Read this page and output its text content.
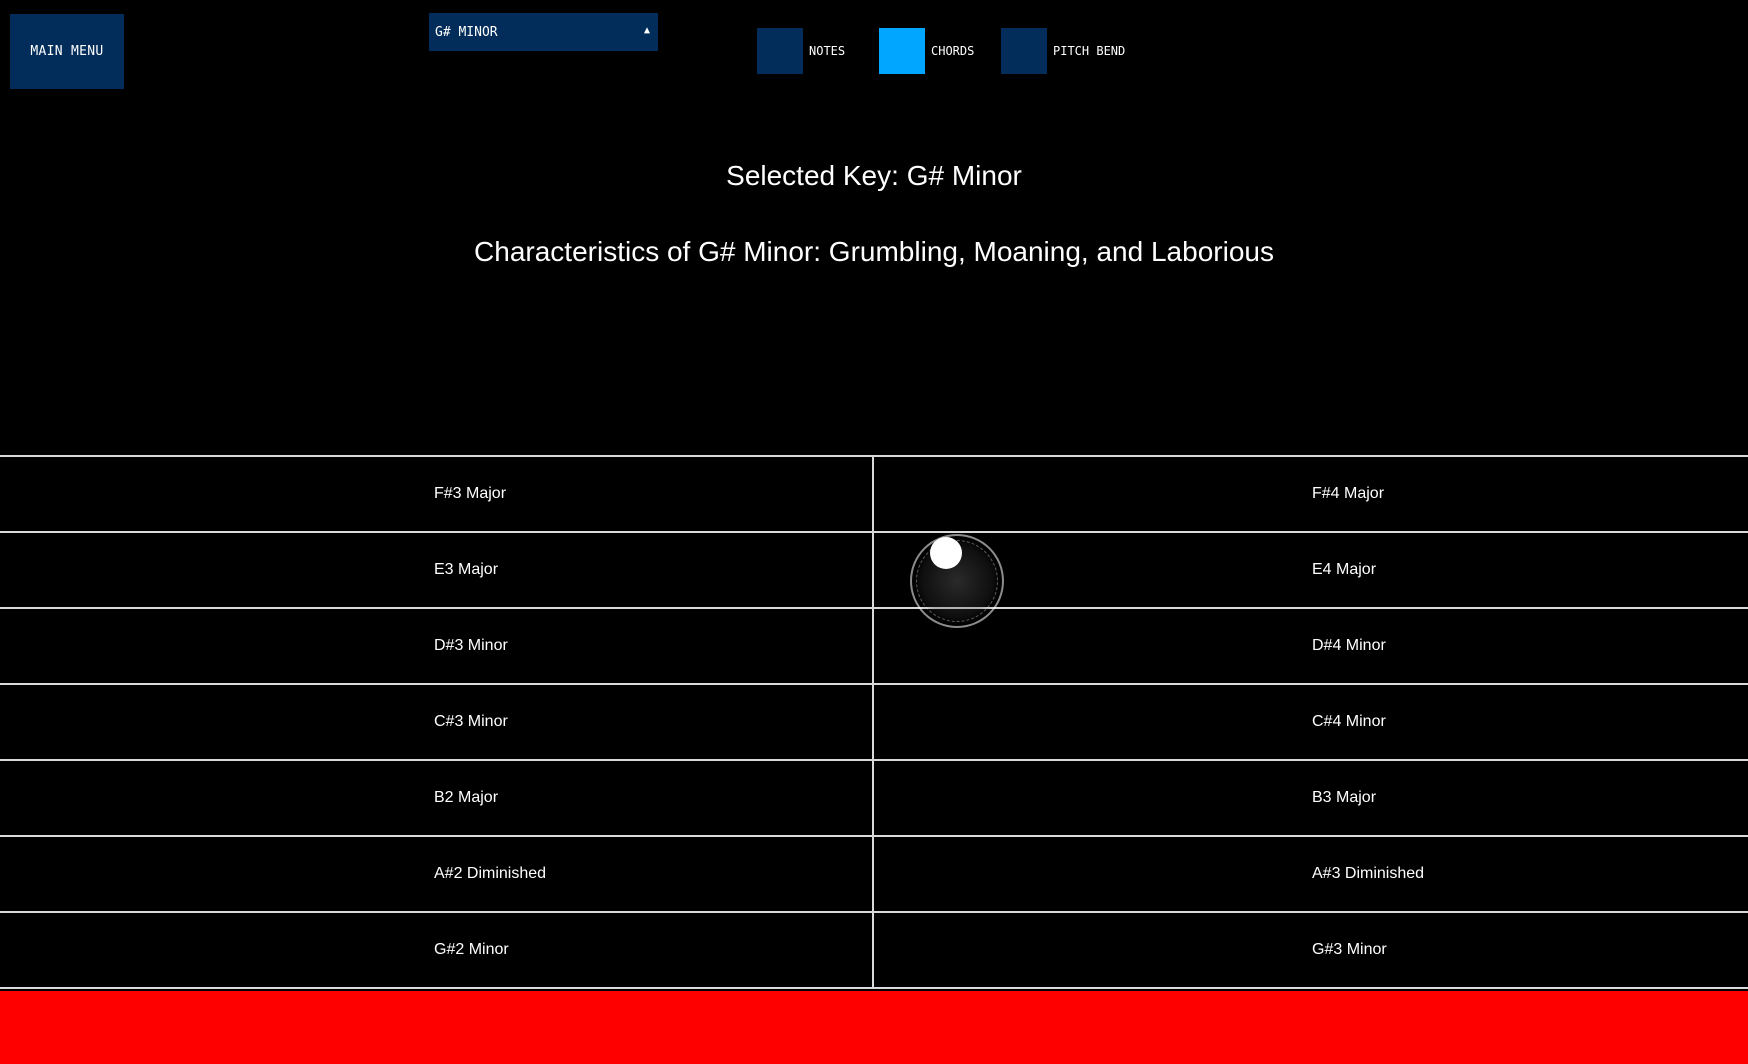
MAIN MENU
G# MINOR	▲
NOTES	CHORDS	PITCH BEND
Selected Key: G# Minor
Characteristics of G# Minor: Grumbling, Moaning, and Laborious
F#3 Major	F#4 Major
E3 Major	E4 Major
D#3 Minor	D#4 Minor
C#3 Minor	C#4 Minor
B2 Major	B3 Major
A#2 Diminished	A#3 Diminished
G#2 Minor	G#3 Minor
